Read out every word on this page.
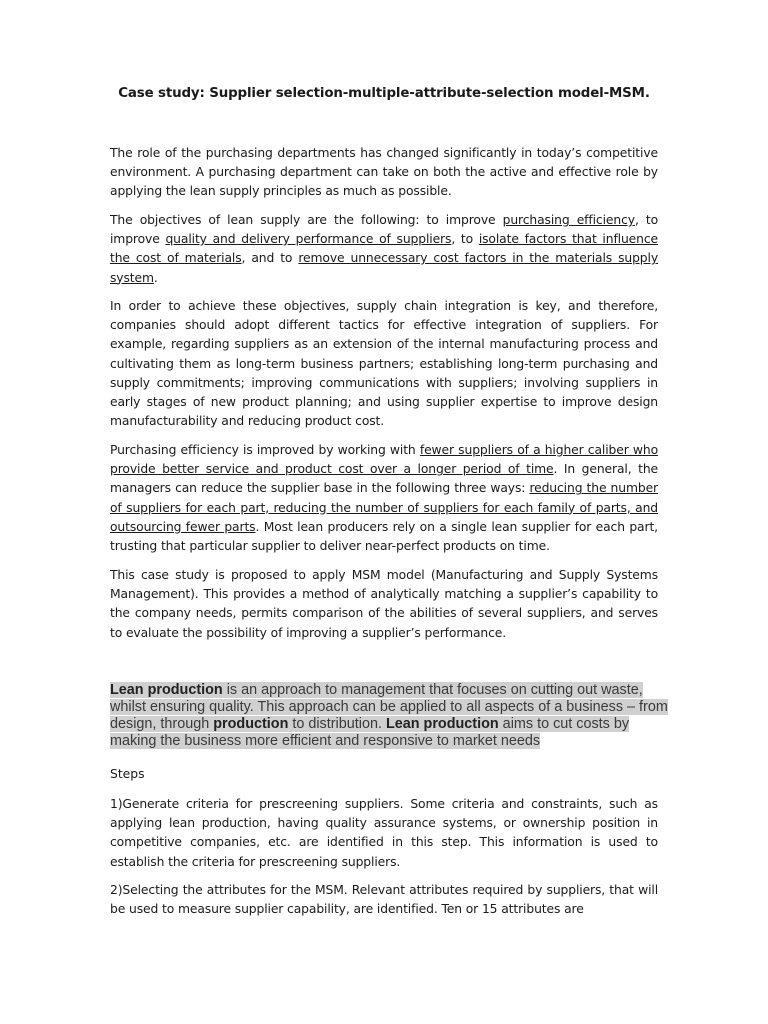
Case study: Supplier selection-multiple-attribute-selection model-MSM.

The role of the purchasing departments has changed significantly in today’s competitive environment. A purchasing department can take on both the active and effective role by applying the lean supply principles as much as possible.

The objectives of lean supply are the following: to improve purchasing efficiency, to improve quality and delivery performance of suppliers, to isolate factors that influence the cost of materials, and to remove unnecessary cost factors in the materials supply system.

In order to achieve these objectives, supply chain integration is key, and therefore, companies should adopt different tactics for effective integration of suppliers. For example, regarding suppliers as an extension of the internal manufacturing process and cultivating them as long-term business partners; establishing long-term purchasing and supply commitments; improving communications with suppliers; involving suppliers in early stages of new product planning; and using supplier expertise to improve design manufacturability and reducing product cost.

Purchasing efficiency is improved by working with fewer suppliers of a higher caliber who provide better service and product cost over a longer period of time. In general, the managers can reduce the supplier base in the following three ways: reducing the number of suppliers for each part, reducing the number of suppliers for each family of parts, and outsourcing fewer parts. Most lean producers rely on a single lean supplier for each part, trusting that particular supplier to deliver near-perfect products on time.

This case study is proposed to apply MSM model (Manufacturing and Supply Systems Management). This provides a method of analytically matching a supplier’s capability to the company needs, permits comparison of the abilities of several suppliers, and serves to evaluate the possibility of improving a supplier’s performance.

Lean production is an approach to management that focuses on cutting out waste, whilst ensuring quality. This approach can be applied to all aspects of a business – from design, through production to distribution. Lean production aims to cut costs by making the business more efficient and responsive to market needs

Steps

1)Generate criteria for prescreening suppliers. Some criteria and constraints, such as applying lean production, having quality assurance systems, or ownership position in competitive companies, etc. are identified in this step. This information is used to establish the criteria for prescreening suppliers.

2)Selecting the attributes for the MSM. Relevant attributes required by suppliers, that will be used to measure supplier capability, are identified. Ten or 15 attributes are
